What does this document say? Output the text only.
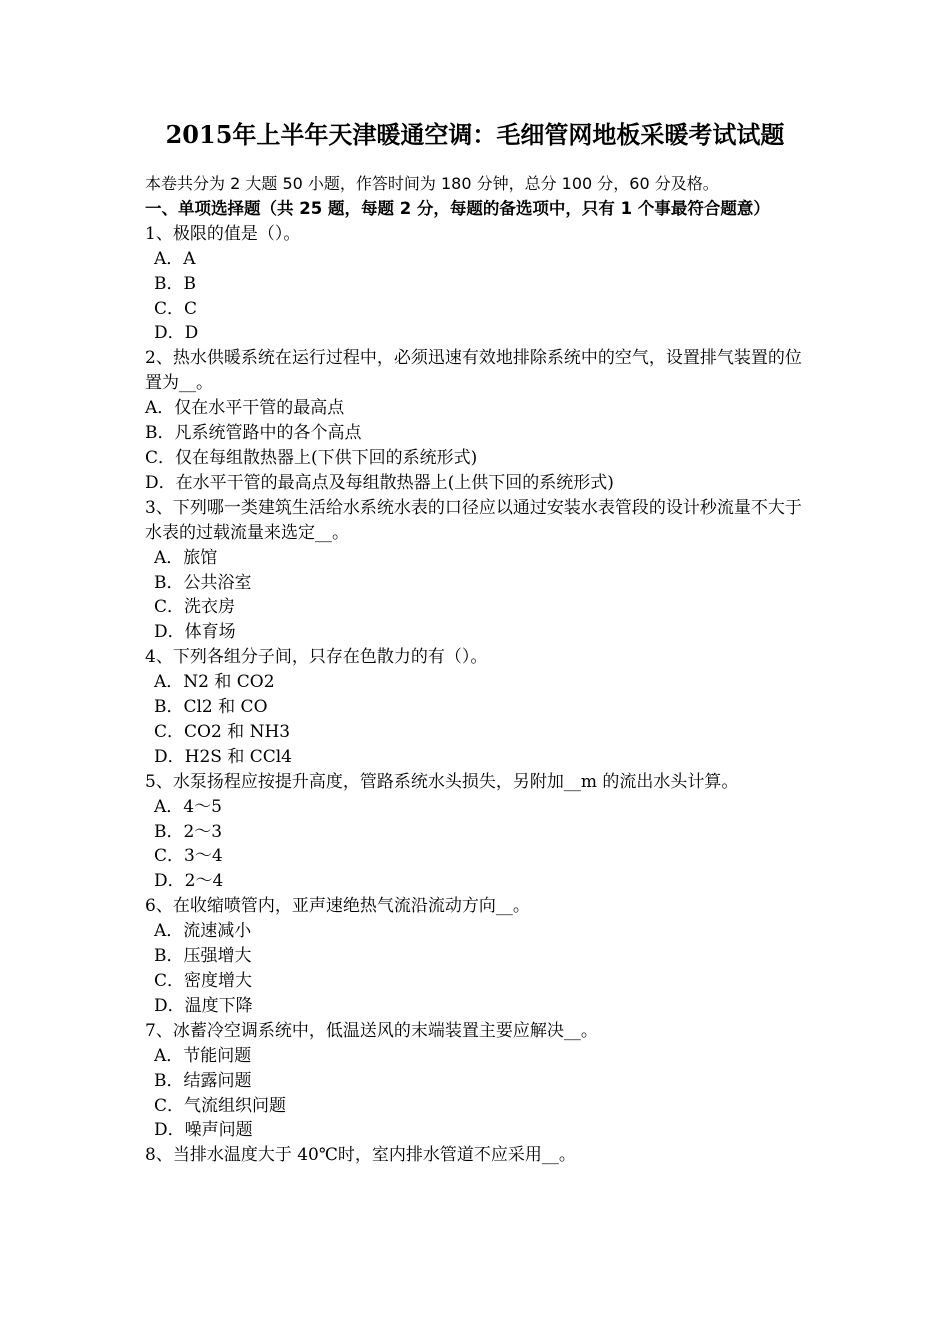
2015年上半年天津暖通空调：毛细管网地板采暖考试试题
本卷共分为 2 大题 50 小题，作答时间为 180 分钟，总分 100 分，60 分及格。
一、单项选择题（共 25 题，每题 2 分，每题的备选项中，只有 1 个事最符合题意）
1、极限的值是（）。
A．A
B．B
C．C
D．D
2、热水供暖系统在运行过程中，必须迅速有效地排除系统中的空气，设置排气装置的位置为__。
A．仅在水平干管的最高点
B．凡系统管路中的各个高点
C．仅在每组散热器上(下供下回的系统形式)
D．在水平干管的最高点及每组散热器上(上供下回的系统形式)
3、下列哪一类建筑生活给水系统水表的口径应以通过安装水表管段的设计秒流量不大于水表的过载流量来选定__。
A．旅馆
B．公共浴室
C．洗衣房
D．体育场
4、下列各组分子间，只存在色散力的有（）。
A．N2 和 CO2
B．Cl2 和 CO
C．CO2 和 NH3
D．H2S 和 CCl4
5、水泵扬程应按提升高度，管路系统水头损失，另附加__m 的流出水头计算。
A．4～5
B．2～3
C．3～4
D．2～4
6、在收缩喷管内，亚声速绝热气流沿流动方向__。
A．流速减小
B．压强增大
C．密度增大
D．温度下降
7、冰蓄冷空调系统中，低温送风的末端装置主要应解决__。
A．节能问题
B．结露问题
C．气流组织问题
D．噪声问题
8、当排水温度大于 40℃时，室内排水管道不应采用__。
